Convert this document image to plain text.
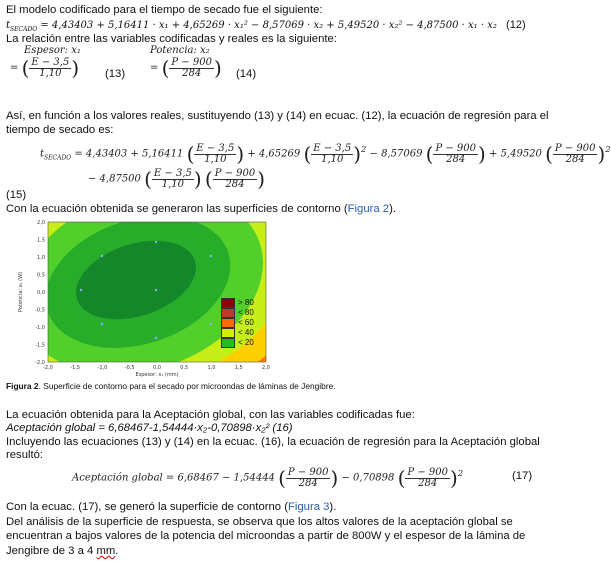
El modelo codificado para el tiempo de secado fue el siguiente:
$t_{SECADO} = 4,43403 + 5,16411 \cdot x_1 + 4,65269 \cdot x_1^2 - 8,57069 \cdot x_2 + 5,49520 \cdot x_2^2 - 4,87500 \cdot x_1 \cdot x_2$ (12)
La relación entre las variables codificadas y reales es la siguiente:
Espesor: x₁
= ( $\frac{E - 3,5}{1,10}$ ) (13)
Potencia: x₂
= ( $\frac{P - 900}{284}$ ) (14)
Así, en función a los valores reales, sustituyendo (13) y (14) en ecuac. (12), la ecuación de regresión para el tiempo de secado es:
$t_{SECADO} = 4,43403 + 5,16411$ ( $\frac{E - 3,5}{1,10}$ ) + 4,65269 ( $\frac{E - 3,5}{1,10} )^2 - 8,57069$ ( $\frac{P - 900}{284}$ ) + 5,49520 ( $\frac{P - 900}{284} )^2$
− 4,87500 ( $\frac{E - 3,5}{1,10}$ ) ( $\frac{P - 900}{284}$ )
(15)
Con la ecuación obtenida se generaron las superficies de contorno (Figura 2).
2,0
1,5
1,0
0,5
0,0
-0,5
-1,0
-1,5
-2,0
-2,0	-1,5	-1,0	-0,5	0,0	0,5	1,0	1,5	2,0
Potencia: x₂ (W)
Espesor: x₁ (mm)
> 80
< 80
< 60
< 40
< 20
Figura 2. Superficie de contorno para el secado por microondas de láminas de Jengibre.
La ecuación obtenida para la Aceptación global, con las variables codificadas fue:
Aceptación global = 6,68467-1,54444·x₂-0,70898·x₂² (16)
Incluyendo las ecuaciones (13) y (14) en la ecuac. (16), la ecuación de regresión para la Aceptación global
resultó:
Aceptación global = 6,68467 − 1,54444 ( $\frac{P - 900}{284}$ ) − 0,70898 ( $\frac{P - 900}{284} )^2$	(17)
Con la ecuac. (17), se generó la superficie de contorno (Figura 3).
Del análisis de la superficie de respuesta, se observa que los altos valores de la aceptación global se
encuentran a bajos valores de la potencia del microondas a partir de 800W y el espesor de la lámina de
Jengibre de 3 a 4 mm.
